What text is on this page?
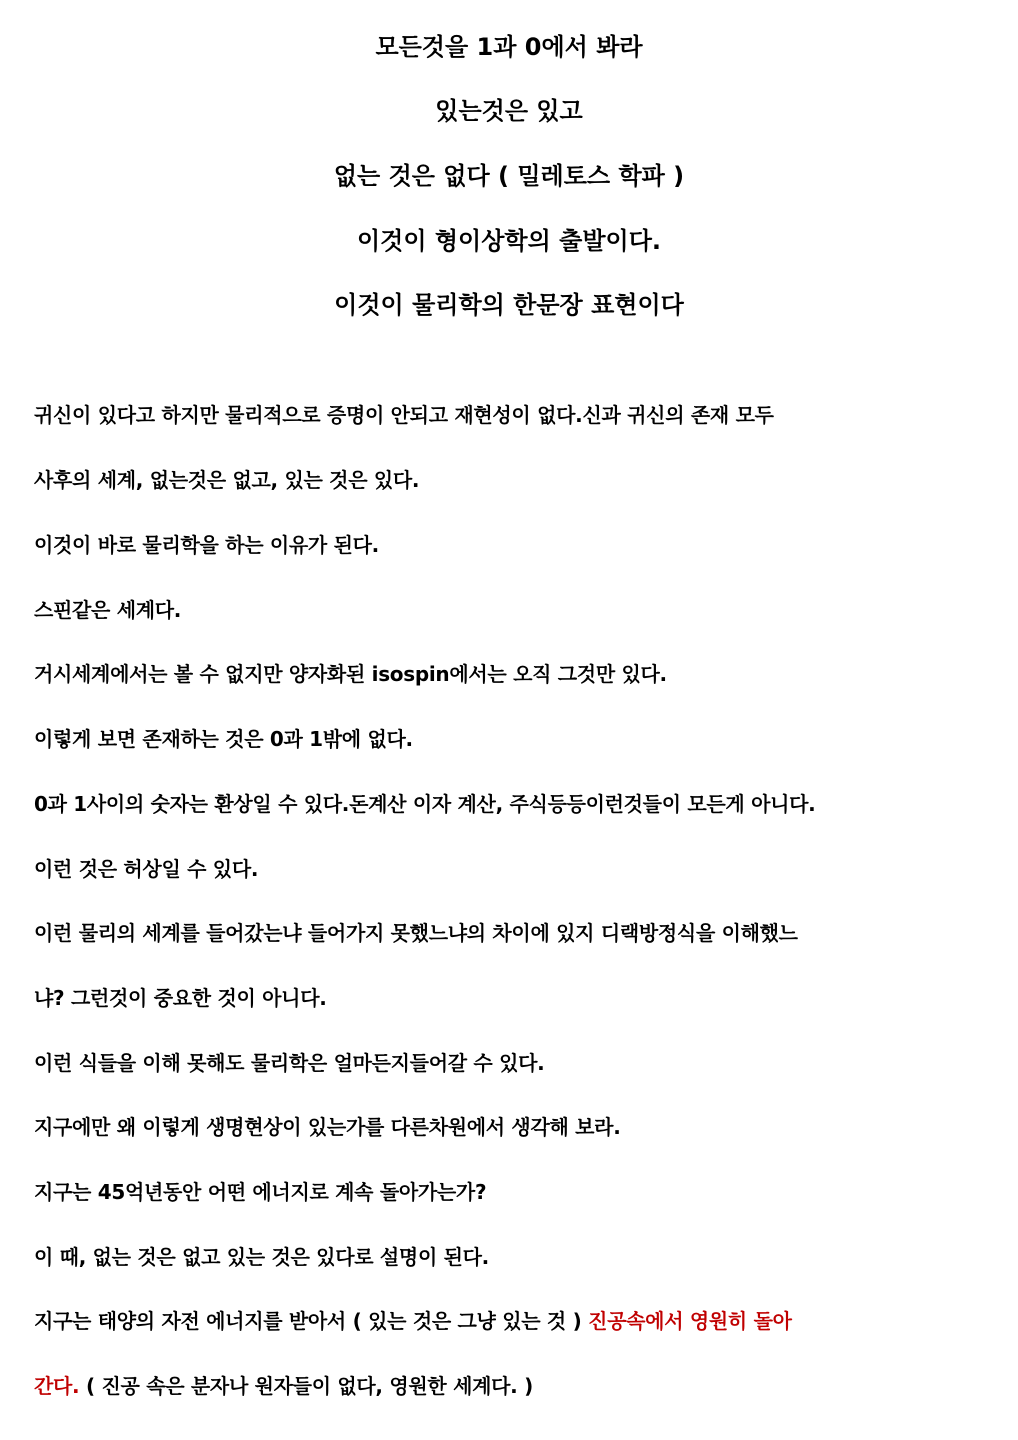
모든것을 1과 0에서 봐라
있는것은 있고
없는 것은 없다 ( 밀레토스 학파 )
이것이 형이상학의 출발이다.
이것이 물리학의 한문장 표현이다
귀신이 있다고 하지만 물리적으로 증명이 안되고 재현성이 없다.신과 귀신의 존재 모두
사후의 세계, 없는것은 없고, 있는 것은 있다.
이것이 바로 물리학을 하는 이유가 된다.
스핀같은 세계다.
거시세계에서는 볼 수 없지만 양자화된 isospin에서는 오직 그것만 있다.
이렇게 보면 존재하는 것은 0과 1밖에 없다.
0과 1사이의 숫자는 환상일 수 있다.돈계산 이자 계산, 주식등등이런것들이 모든게 아니다.
이런 것은 허상일 수 있다.
이런 물리의 세계를 들어갔는냐 들어가지 못했느냐의 차이에 있지 디랙방정식을 이해했느
냐? 그런것이 중요한 것이 아니다.
이런 식들을 이해 못해도 물리학은 얼마든지들어갈 수 있다.
지구에만 왜 이렇게 생명현상이 있는가를 다른차원에서 생각해 보라.
지구는 45억년동안 어떤 에너지로 계속 돌아가는가?
이 때, 없는 것은 없고 있는 것은 있다로 설명이 된다.
지구는 태양의 자전 에너지를 받아서 ( 있는 것은 그냥 있는 것 ) 진공속에서 영원히 돌아
간다. ( 진공 속은 분자나 원자들이 없다, 영원한 세계다. )
